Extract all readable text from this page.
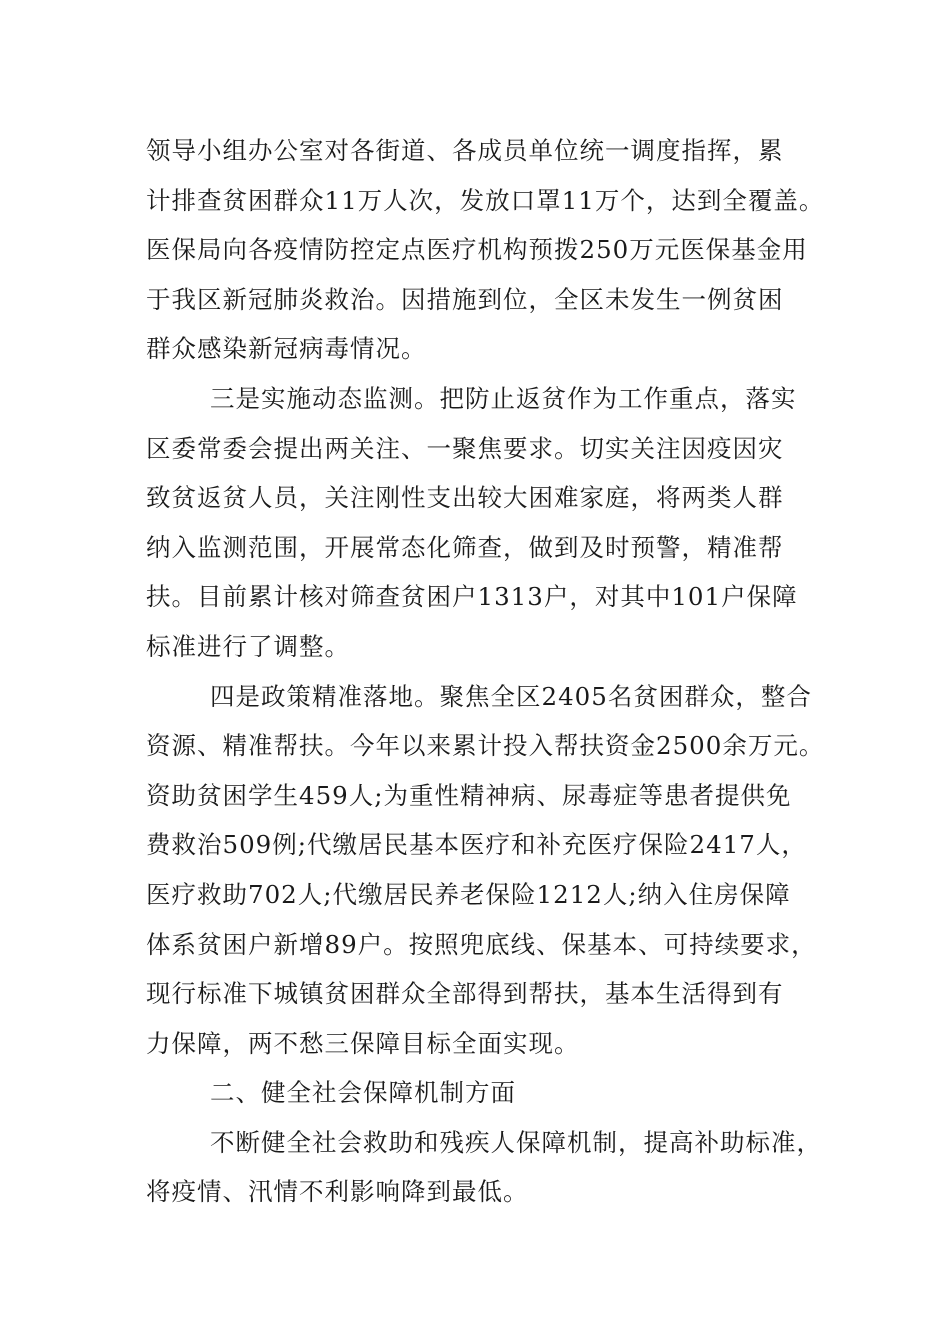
领导小组办公室对各街道、各成员单位统一调度指挥，累
计排查贫困群众11万人次，发放口罩11万个，达到全覆盖。
医保局向各疫情防控定点医疗机构预拨250万元医保基金用
于我区新冠肺炎救治。因措施到位，全区未发生一例贫困
群众感染新冠病毒情况。
三是实施动态监测。把防止返贫作为工作重点，落实
区委常委会提出两关注、一聚焦要求。切实关注因疫因灾
致贫返贫人员，关注刚性支出较大困难家庭，将两类人群
纳入监测范围，开展常态化筛查，做到及时预警，精准帮
扶。目前累计核对筛查贫困户1313户，对其中101户保障
标准进行了调整。
四是政策精准落地。聚焦全区2405名贫困群众，整合
资源、精准帮扶。今年以来累计投入帮扶资金2500余万元。
资助贫困学生459人;为重性精神病、尿毒症等患者提供免
费救治509例;代缴居民基本医疗和补充医疗保险2417人，
医疗救助702人;代缴居民养老保险1212人;纳入住房保障
体系贫困户新增89户。按照兜底线、保基本、可持续要求，
现行标准下城镇贫困群众全部得到帮扶，基本生活得到有
力保障，两不愁三保障目标全面实现。
二、健全社会保障机制方面
不断健全社会救助和残疾人保障机制，提高补助标准，
将疫情、汛情不利影响降到最低。
